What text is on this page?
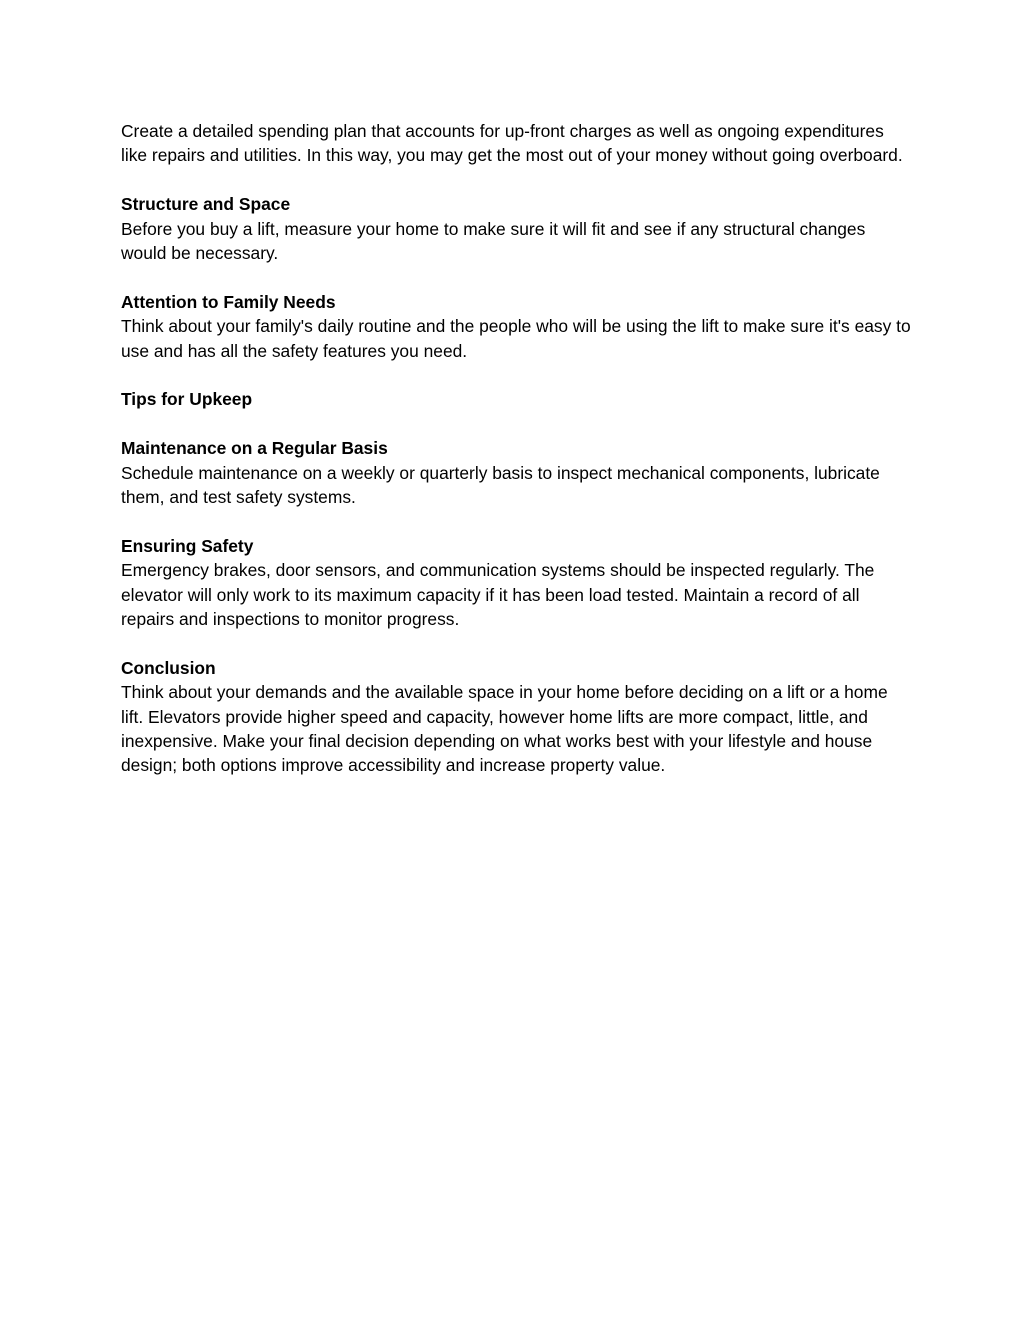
Create a detailed spending plan that accounts for up-front charges as well as ongoing expenditures like repairs and utilities. In this way, you may get the most out of your money without going overboard.

Structure and Space

Before you buy a lift, measure your home to make sure it will fit and see if any structural changes would be necessary.

Attention to Family Needs

Think about your family's daily routine and the people who will be using the lift to make sure it's easy to use and has all the safety features you need.

Tips for Upkeep

Maintenance on a Regular Basis

Schedule maintenance on a weekly or quarterly basis to inspect mechanical components, lubricate them, and test safety systems.

Ensuring Safety

Emergency brakes, door sensors, and communication systems should be inspected regularly. The elevator will only work to its maximum capacity if it has been load tested. Maintain a record of all repairs and inspections to monitor progress.

Conclusion

Think about your demands and the available space in your home before deciding on a lift or a home lift. Elevators provide higher speed and capacity, however home lifts are more compact, little, and inexpensive. Make your final decision depending on what works best with your lifestyle and house design; both options improve accessibility and increase property value.
